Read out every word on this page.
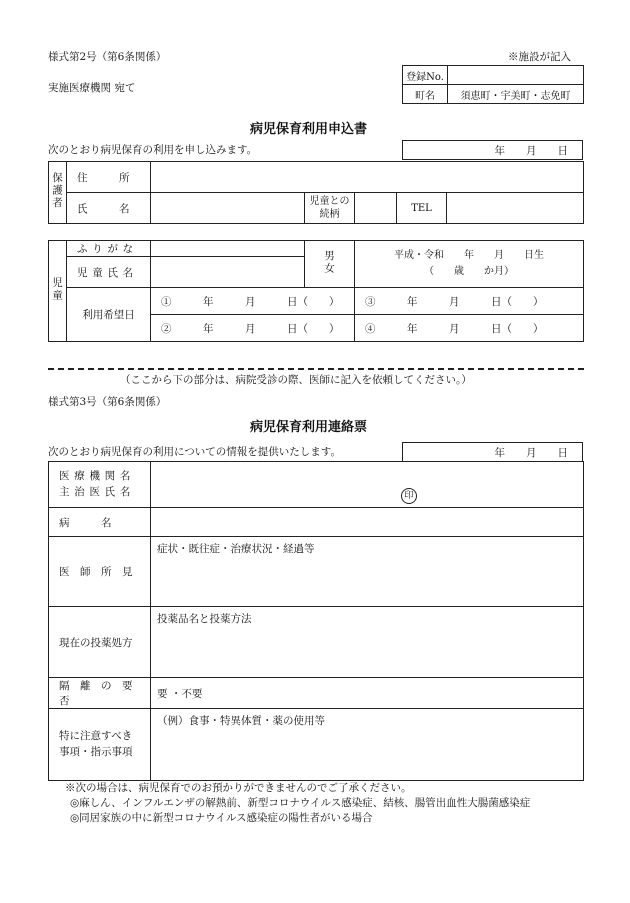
様式第2号（第6条関係）	※施設が記入
実施医療機関 宛て
登録No.	
町名	須恵町・宇美町・志免町
病児保育利用申込書
次のとおり病児保育の利用を申し込みます。	年　　月　　日
保護者	住　　　所					
	氏　　　名		児童との続柄		TEL	
児童	ふりがな		男女	平成・令和　　年　　月　　日生
（　　歳　　か月）

	児童氏名			
	利用希望日	①　　　年　　　月　　　日（　　）		③　　　年　　　月　　　日（　　）
		②　　　年　　　月　　　日（　　）		④　　　年　　　月　　　日（　　）
（ここから下の部分は、病院受診の際、医師に記入を依頼してください。）
様式第3号（第6条関係）
病児保育利用連絡票
次のとおり病児保育の利用についての情報を提供いたします。	年　　月　　日
医療機関名
主治医氏名	印

病　　　名	
医　師　所　見	症状・既往症・治療状況・経過等
現在の投薬処方	投薬品名と投薬方法
隔　離　の　要　否	要 ・不要

特に注意すべき
事項・指示事項	（例）食事・特異体質・薬の使用等
※次の場合は、病児保育でのお預かりができませんのでご了承ください。
◎麻しん、インフルエンザの解熱前、新型コロナウイルス感染症、結核、腸管出血性大腸菌感染症
◎同居家族の中に新型コロナウイルス感染症の陽性者がいる場合
